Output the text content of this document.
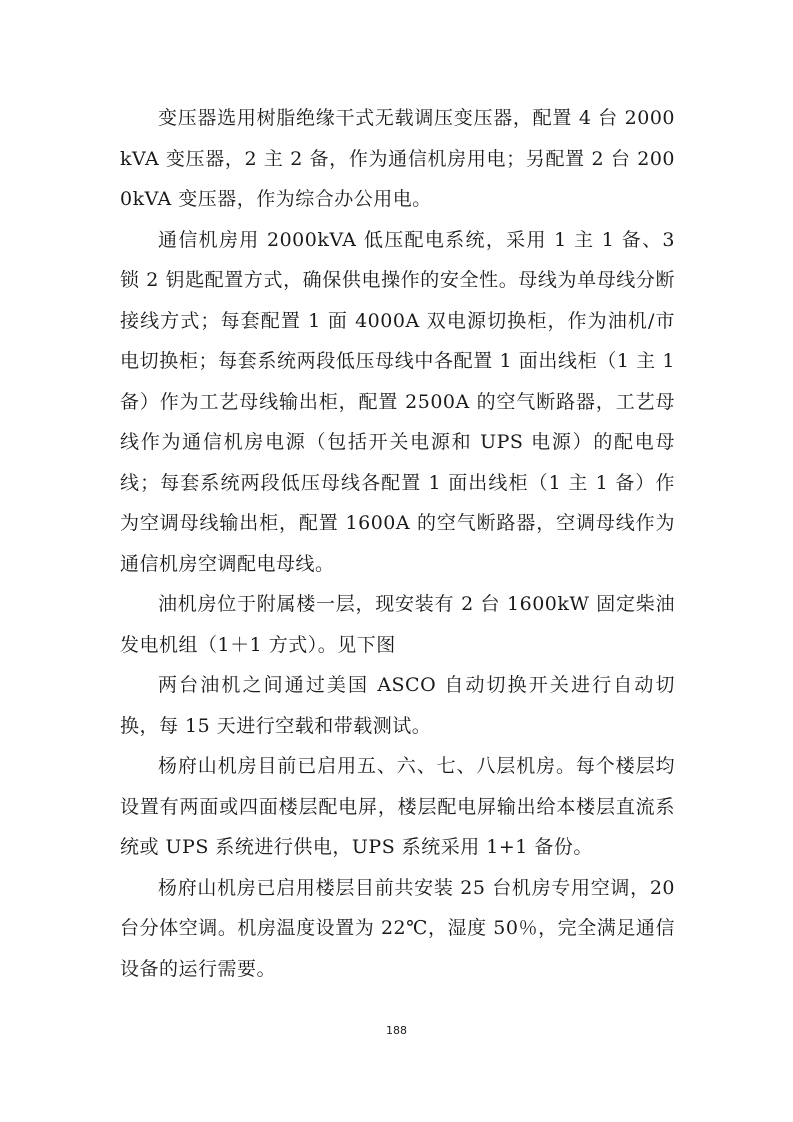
变压器选用树脂绝缘干式无载调压变压器，配置 4 台 2000kVA 变压器，2 主 2 备，作为通信机房用电；另配置 2 台 2000kVA 变压器，作为综合办公用电。

通信机房用 2000kVA 低压配电系统，采用 1 主 1 备、3 锁 2 钥匙配置方式，确保供电操作的安全性。母线为单母线分断接线方式；每套配置 1 面 4000A 双电源切换柜，作为油机/市电切换柜；每套系统两段低压母线中各配置 1 面出线柜（1 主 1 备）作为工艺母线输出柜，配置 2500A 的空气断路器，工艺母线作为通信机房电源（包括开关电源和 UPS 电源）的配电母线；每套系统两段低压母线各配置 1 面出线柜（1 主 1 备）作为空调母线输出柜，配置 1600A 的空气断路器，空调母线作为通信机房空调配电母线。

油机房位于附属楼一层，现安装有 2 台 1600kW 固定柴油发电机组（1＋1 方式）。见下图

两台油机之间通过美国 ASCO 自动切换开关进行自动切换，每 15 天进行空载和带载测试。

杨府山机房目前已启用五、六、七、八层机房。每个楼层均设置有两面或四面楼层配电屏，楼层配电屏输出给本楼层直流系统或 UPS 系统进行供电，UPS 系统采用 1+1 备份。

杨府山机房已启用楼层目前共安装 25 台机房专用空调，20 台分体空调。机房温度设置为 22℃，湿度 50％，完全满足通信设备的运行需要。

188
